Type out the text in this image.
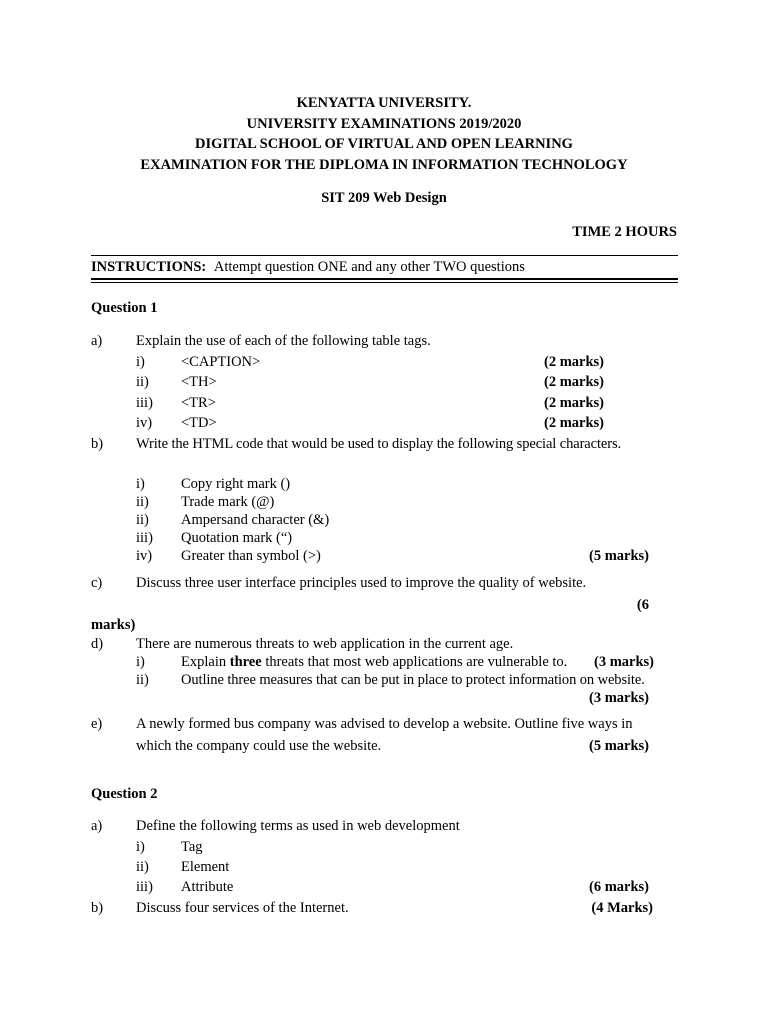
KENYATTA UNIVERSITY.
UNIVERSITY EXAMINATIONS 2019/2020
DIGITAL SCHOOL OF VIRTUAL AND OPEN LEARNING
EXAMINATION FOR THE DIPLOMA IN INFORMATION TECHNOLOGY
SIT 209 Web Design
TIME 2 HOURS
INSTRUCTIONS: Attempt question ONE and any other TWO questions
Question 1
a) Explain the use of each of the following table tags.
i) <CAPTION>	(2 marks)
ii) <TH>	(2 marks)
iii) <TR>	(2 marks)
iv) <TD>	(2 marks)
b) Write the HTML code that would be used to display the following special characters.
i) Copy right mark ()
ii) Trade mark (@)
ii) Ampersand character (&)
iii) Quotation mark (“)
iv) Greater than symbol (>)	(5 marks)
c) Discuss three user interface principles used to improve the quality of website.
(6
marks)
d) There are numerous threats to web application in the current age.
i) Explain three threats that most web applications are vulnerable to. (3 marks)
ii) Outline three measures that can be put in place to protect information on website.
(3 marks)
e) A newly formed bus company was advised to develop a website. Outline five ways in
which the company could use the website.	(5 marks)
Question 2
a) Define the following terms as used in web development
i) Tag
ii) Element
iii) Attribute	(6 marks)
b) Discuss four services of the Internet.	(4 Marks)
